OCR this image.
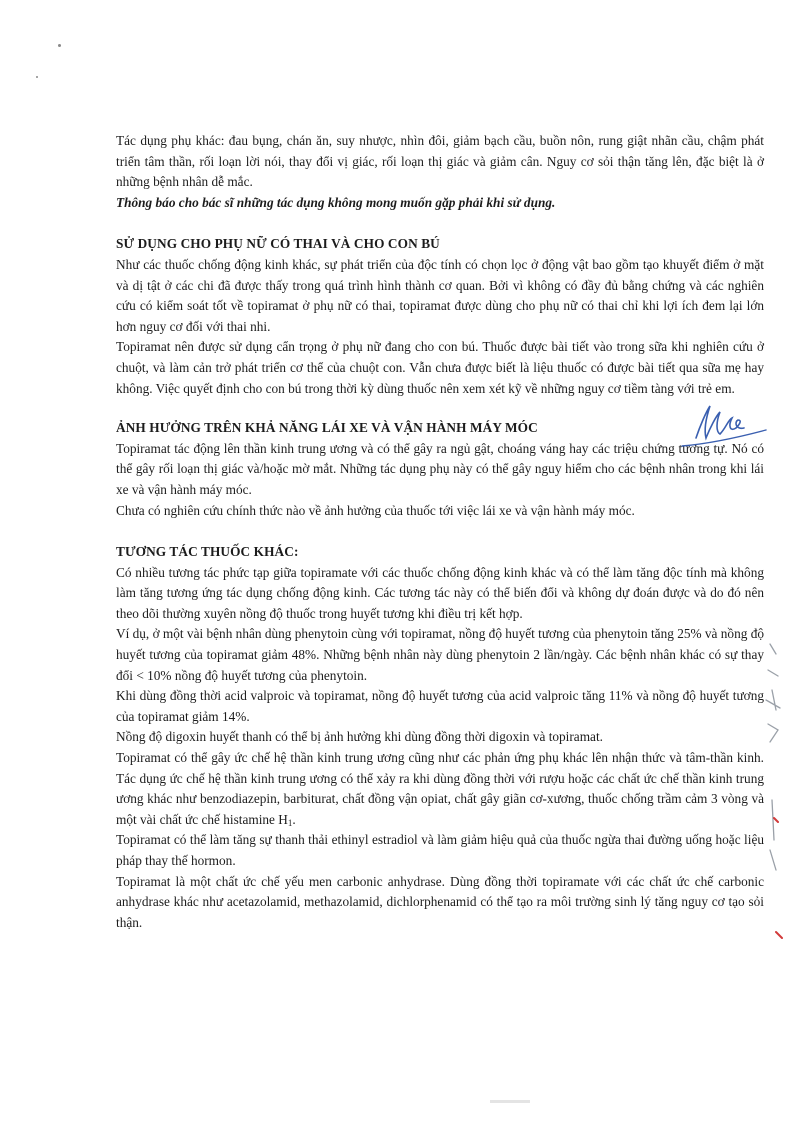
Tác dụng phụ khác: đau bụng, chán ăn, suy nhược, nhìn đôi, giảm bạch cầu, buồn nôn, rung giật nhãn cầu, chậm phát triển tâm thần, rối loạn lời nói, thay đổi vị giác, rối loạn thị giác và giảm cân. Nguy cơ sỏi thận tăng lên, đặc biệt là ở những bệnh nhân dễ mắc.

Thông báo cho bác sĩ những tác dụng không mong muốn gặp phải khi sử dụng.

SỬ DỤNG CHO PHỤ NỮ CÓ THAI VÀ CHO CON BÚ

Như các thuốc chống động kinh khác, sự phát triển của độc tính có chọn lọc ở động vật bao gồm tạo khuyết điểm ở mặt và dị tật ở các chi đã được thấy trong quá trình hình thành cơ quan. Bởi vì không có đầy đủ bằng chứng và các nghiên cứu có kiểm soát tốt về topiramat ở phụ nữ có thai, topiramat được dùng cho phụ nữ có thai chỉ khi lợi ích đem lại lớn hơn nguy cơ đối với thai nhi.

Topiramat nên được sử dụng cẩn trọng ở phụ nữ đang cho con bú. Thuốc được bài tiết vào trong sữa khi nghiên cứu ở chuột, và làm cản trở phát triển cơ thể của chuột con. Vẫn chưa được biết là liệu thuốc có được bài tiết qua sữa mẹ hay không. Việc quyết định cho con bú trong thời kỳ dùng thuốc nên xem xét kỹ về những nguy cơ tiềm tàng với trẻ em.

ẢNH HƯỞNG TRÊN KHẢ NĂNG LÁI XE VÀ VẬN HÀNH MÁY MÓC

Topiramat tác động lên thần kinh trung ương và có thể gây ra ngủ gật, choáng váng hay các triệu chứng tương tự. Nó có thể gây rối loạn thị giác và/hoặc mờ mắt. Những tác dụng phụ này có thể gây nguy hiểm cho các bệnh nhân trong khi lái xe và vận hành máy móc.

Chưa có nghiên cứu chính thức nào về ảnh hưởng của thuốc tới việc lái xe và vận hành máy móc.

TƯƠNG TÁC THUỐC KHÁC:

Có nhiều tương tác phức tạp giữa topiramate với các thuốc chống động kinh khác và có thể làm tăng độc tính mà không làm tăng tương ứng tác dụng chống động kinh. Các tương tác này có thể biến đổi và không dự đoán được và do đó nên theo dõi thường xuyên nồng độ thuốc trong huyết tương khi điều trị kết hợp.

Ví dụ, ở một vài bệnh nhân dùng phenytoin cùng với topiramat, nồng độ huyết tương của phenytoin tăng 25% và nồng độ huyết tương của topiramat giảm 48%. Những bệnh nhân này dùng phenytoin 2 lần/ngày. Các bệnh nhân khác có sự thay đổi < 10% nồng độ huyết tương của phenytoin.

Khi dùng đồng thời acid valproic và topiramat, nồng độ huyết tương của acid valproic tăng 11% và nồng độ huyết tương của topiramat giảm 14%.

Nồng độ digoxin huyết thanh có thể bị ảnh hưởng khi dùng đồng thời digoxin và topiramat.

Topiramat có thể gây ức chế hệ thần kinh trung ương cũng như các phản ứng phụ khác lên nhận thức và tâm-thần kinh. Tác dụng ức chế hệ thần kinh trung ương có thể xảy ra khi dùng đồng thời với rượu hoặc các chất ức chế thần kinh trung ương khác như benzodiazepin, barbiturat, chất đồng vận opiat, chất gây giãn cơ-xương, thuốc chống trầm cảm 3 vòng và một vài chất ức chế histamine $H_1$.

Topiramat có thể làm tăng sự thanh thải ethinyl estradiol và làm giảm hiệu quả của thuốc ngừa thai đường uống hoặc liệu pháp thay thế hormon.

Topiramat là một chất ức chế yếu men carbonic anhydrase. Dùng đồng thời topiramate với các chất ức chế carbonic anhydrase khác như acetazolamid, methazolamid, dichlorphenamid có thể tạo ra môi trường sinh lý tăng nguy cơ tạo sỏi thận.
